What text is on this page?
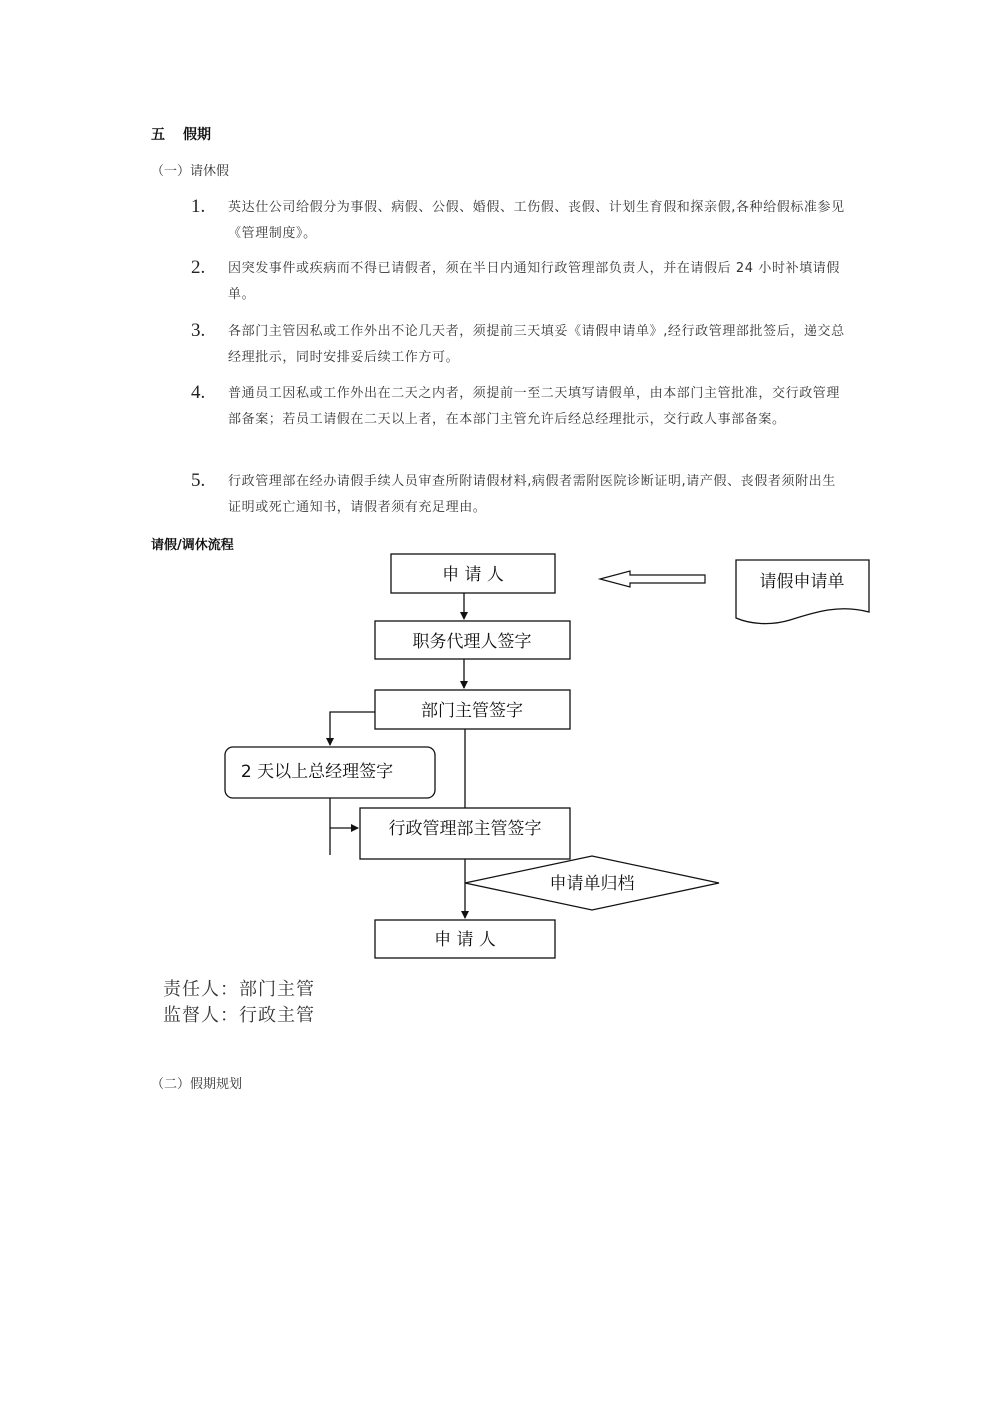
五 假期
（一）请休假
1. 英达仕公司给假分为事假、病假、公假、婚假、工伤假、丧假、计划生育假和探亲假,各种给假标准参见《管理制度》。
2. 因突发事件或疾病而不得已请假者，须在半日内通知行政管理部负责人，并在请假后 24 小时补填请假单。
3. 各部门主管因私或工作外出不论几天者，须提前三天填妥《请假申请单》,经行政管理部批签后，递交总经理批示，同时安排妥后续工作方可。
4. 普通员工因私或工作外出在二天之内者，须提前一至二天填写请假单，由本部门主管批准，交行政管理部备案；若员工请假在二天以上者，在本部门主管允许后经总经理批示，交行政人事部备案。
5. 行政管理部在经办请假手续人员审查所附请假材料,病假者需附医院诊断证明,请产假、丧假者须附出生证明或死亡通知书，请假者须有充足理由。
请假/调休流程
申 请 人	请假申请单
职务代理人签字
部门主管签字
2 天以上总经理签字
行政管理部主管签字
申请单归档
申 请 人
责任人：部门主管
监督人：行政主管
（二）假期规划
